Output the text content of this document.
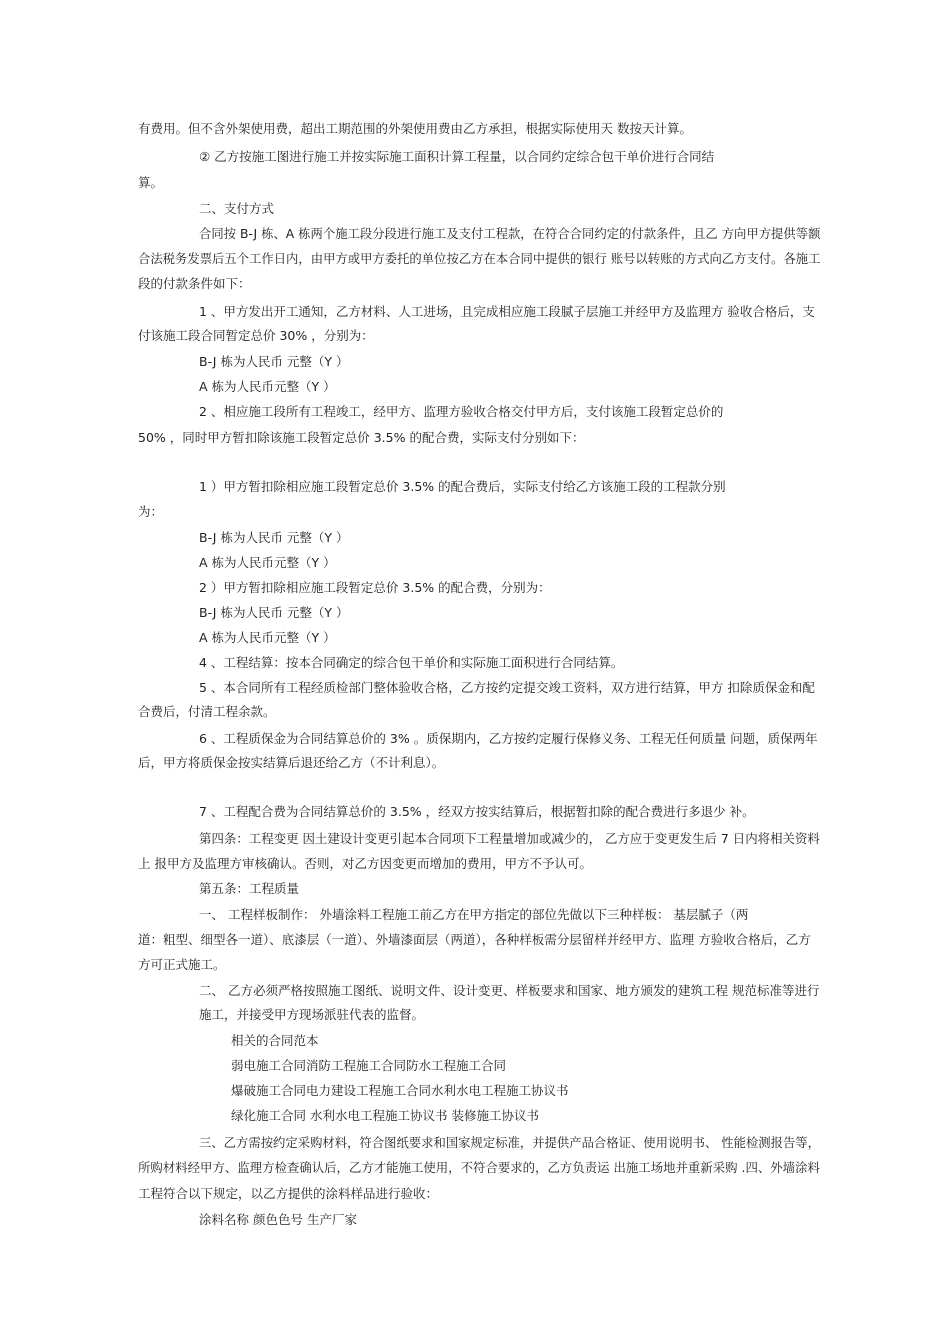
有费用。但不含外架使用费，超出工期范围的外架使用费由乙方承担，根据实际使用天 数按天计算。
② 乙方按施工图进行施工并按实际施工面积计算工程量，以合同约定综合包干单价进行合同结
算。
二、支付方式
合同按 B-J 栋、A 栋两个施工段分段进行施工及支付工程款，在符合合同约定的付款条件，且乙 方向甲方提供等额
合法税务发票后五个工作日内，由甲方或甲方委托的单位按乙方在本合同中提供的银行 账号以转账的方式向乙方支付。各施工
段的付款条件如下：
1 、甲方发出开工通知，乙方材料、人工进场，且完成相应施工段腻子层施工并经甲方及监理方 验收合格后，支
付该施工段合同暂定总价 30% ，分别为：
B-J 栋为人民币 元整（Y ）
A 栋为人民币元整（Y ）
2 、相应施工段所有工程竣工，经甲方、监理方验收合格交付甲方后，支付该施工段暂定总价的
50% ，同时甲方暂扣除该施工段暂定总价 3.5% 的配合费，实际支付分别如下：
1 ）甲方暂扣除相应施工段暂定总价 3.5% 的配合费后，实际支付给乙方该施工段的工程款分别
为：
B-J 栋为人民币 元整（Y ）
A 栋为人民币元整（Y ）
2 ）甲方暂扣除相应施工段暂定总价 3.5% 的配合费，分别为：
B-J 栋为人民币 元整（Y ）
A 栋为人民币元整（Y ）
4 、工程结算：按本合同确定的综合包干单价和实际施工面积进行合同结算。
5 、本合同所有工程经质检部门整体验收合格，乙方按约定提交竣工资料，双方进行结算，甲方 扣除质保金和配
合费后，付清工程余款。
6 、工程质保金为合同结算总价的 3% 。质保期内，乙方按约定履行保修义务、工程无任何质量 问题，质保两年
后，甲方将质保金按实结算后退还给乙方（不计利息）。
7 、工程配合费为合同结算总价的 3.5% ，经双方按实结算后，根据暂扣除的配合费进行多退少 补。
第四条：工程变更 因土建设计变更引起本合同项下工程量增加或减少的， 乙方应于变更发生后 7 日内将相关资料
上 报甲方及监理方审核确认。否则，对乙方因变更而增加的费用，甲方不予认可。
第五条：工程质量
一、 工程样板制作： 外墙涂料工程施工前乙方在甲方指定的部位先做以下三种样板： 基层腻子（两
道：粗型、细型各一道）、底漆层（一道）、外墙漆面层（两道），各种样板需分层留样并经甲方、监理 方验收合格后，乙方
方可正式施工。
二、 乙方必须严格按照施工图纸、说明文件、设计变更、样板要求和国家、地方颁发的建筑工程 规范标准等进行
施工，并接受甲方现场派驻代表的监督。
相关的合同范本
弱电施工合同消防工程施工合同防水工程施工合同
爆破施工合同电力建设工程施工合同水利水电工程施工协议书
绿化施工合同 水利水电工程施工协议书 装修施工协议书
三、乙方需按约定采购材料，符合图纸要求和国家规定标准，并提供产品合格证、使用说明书、 性能检测报告等，
所购材料经甲方、监理方检查确认后，乙方才能施工使用，不符合要求的，乙方负责运 出施工场地并重新采购 .四、外墙涂料
工程符合以下规定，以乙方提供的涂料样品进行验收：
涂料名称 颜色色号 生产厂家
